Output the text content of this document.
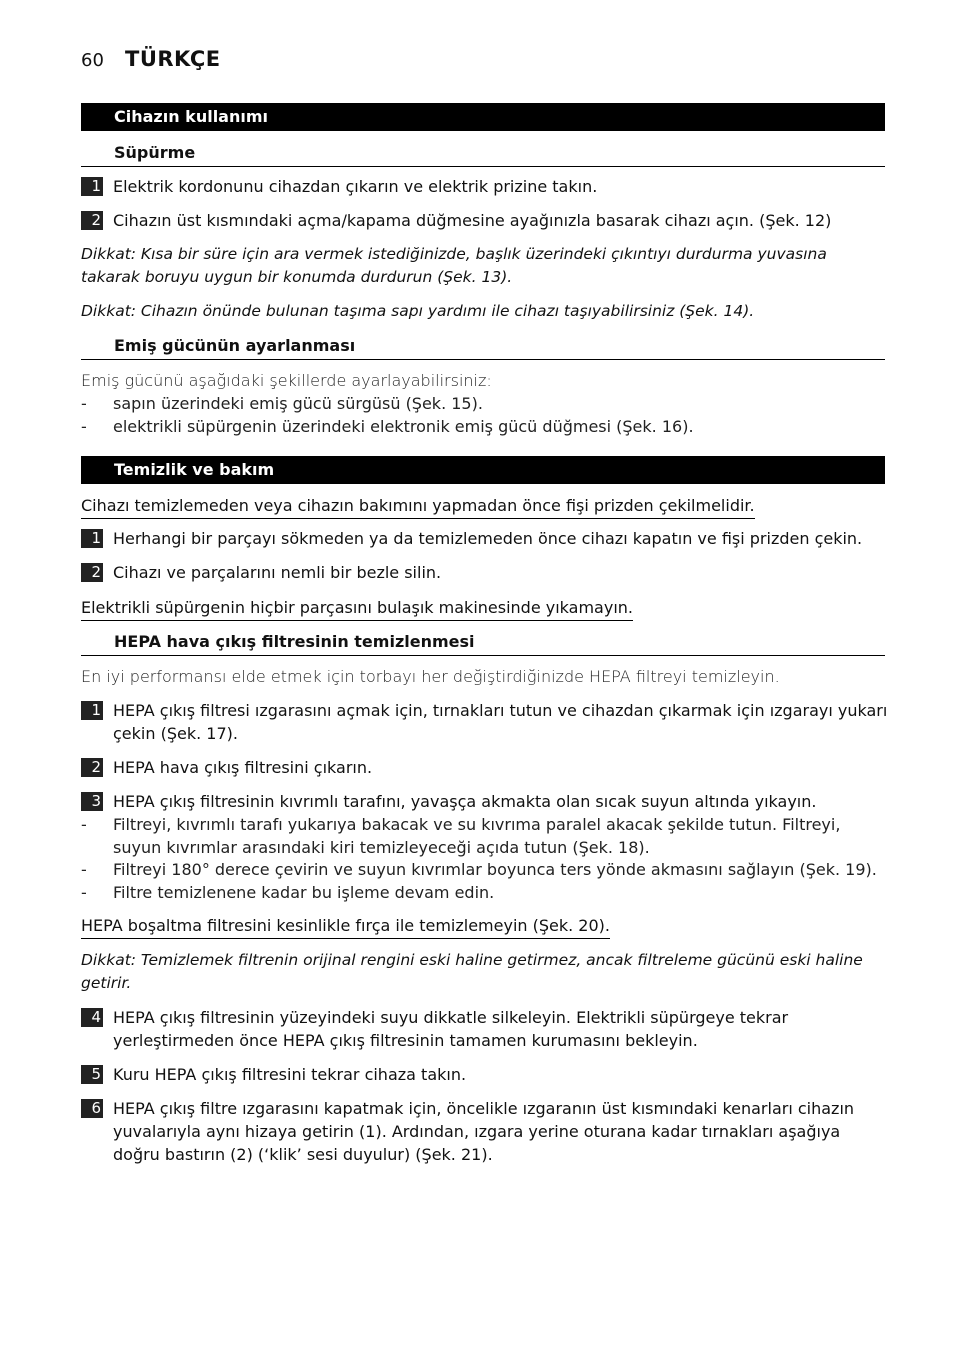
60 TÜRKÇE
Cihazın kullanımı
Süpürme
1 Elektrik kordonunu cihazdan çıkarın ve elektrik prizine takın.
2 Cihazın üst kısmındaki açma/kapama düğmesine ayağınızla basarak cihazı açın. (Şek. 12)
Dikkat: Kısa bir süre için ara vermek istediğinizde, başlık üzerindeki çıkıntıyı durdurma yuvasına takarak boruyu uygun bir konumda durdurun (Şek. 13).
Dikkat: Cihazın önünde bulunan taşıma sapı yardımı ile cihazı taşıyabilirsiniz (Şek. 14).
Emiş gücünün ayarlanması
Emiş gücünü aşağıdaki şekillerde ayarlayabilirsiniz:
- sapın üzerindeki emiş gücü sürgüsü (Şek. 15).
- elektrikli süpürgenin üzerindeki elektronik emiş gücü düğmesi (Şek. 16).
Temizlik ve bakım
Cihazı temizlemeden veya cihazın bakımını yapmadan önce fişi prizden çekilmelidir.
1 Herhangi bir parçayı sökmeden ya da temizlemeden önce cihazı kapatın ve fişi prizden çekin.
2 Cihazı ve parçalarını nemli bir bezle silin.
Elektrikli süpürgenin hiçbir parçasını bulaşık makinesinde yıkamayın.
HEPA hava çıkış filtresinin temizlenmesi
En iyi performansı elde etmek için torbayı her değiştirdiğinizde HEPA filtreyi temizleyin.
1 HEPA çıkış filtresi ızgarasını açmak için, tırnakları tutun ve cihazdan çıkarmak için ızgarayı yukarı çekin (Şek. 17).
2 HEPA hava çıkış filtresini çıkarın.
3 HEPA çıkış filtresinin kıvrımlı tarafını, yavaşça akmakta olan sıcak suyun altında yıkayın.
- Filtreyi, kıvrımlı tarafı yukarıya bakacak ve su kıvrıma paralel akacak şekilde tutun. Filtreyi, suyun kıvrımlar arasındaki kiri temizleyeceği açıda tutun (Şek. 18).
- Filtreyi 180° derece çevirin ve suyun kıvrımlar boyunca ters yönde akmasını sağlayın (Şek. 19).
- Filtre temizlenene kadar bu işleme devam edin.
HEPA boşaltma filtresini kesinlikle fırça ile temizlemeyin (Şek. 20).
Dikkat: Temizlemek filtrenin orijinal rengini eski haline getirmez, ancak filtreleme gücünü eski haline getirir.
4 HEPA çıkış filtresinin yüzeyindeki suyu dikkatle silkeleyin. Elektrikli süpürgeye tekrar yerleştirmeden önce HEPA çıkış filtresinin tamamen kurumasını bekleyin.
5 Kuru HEPA çıkış filtresini tekrar cihaza takın.
6 HEPA çıkış filtre ızgarasını kapatmak için, öncelikle ızgaranın üst kısmındaki kenarları cihazın yuvalarıyla aynı hizaya getirin (1). Ardından, ızgara yerine oturana kadar tırnakları aşağıya doğru bastırın (2) (‘klik’ sesi duyulur) (Şek. 21).
